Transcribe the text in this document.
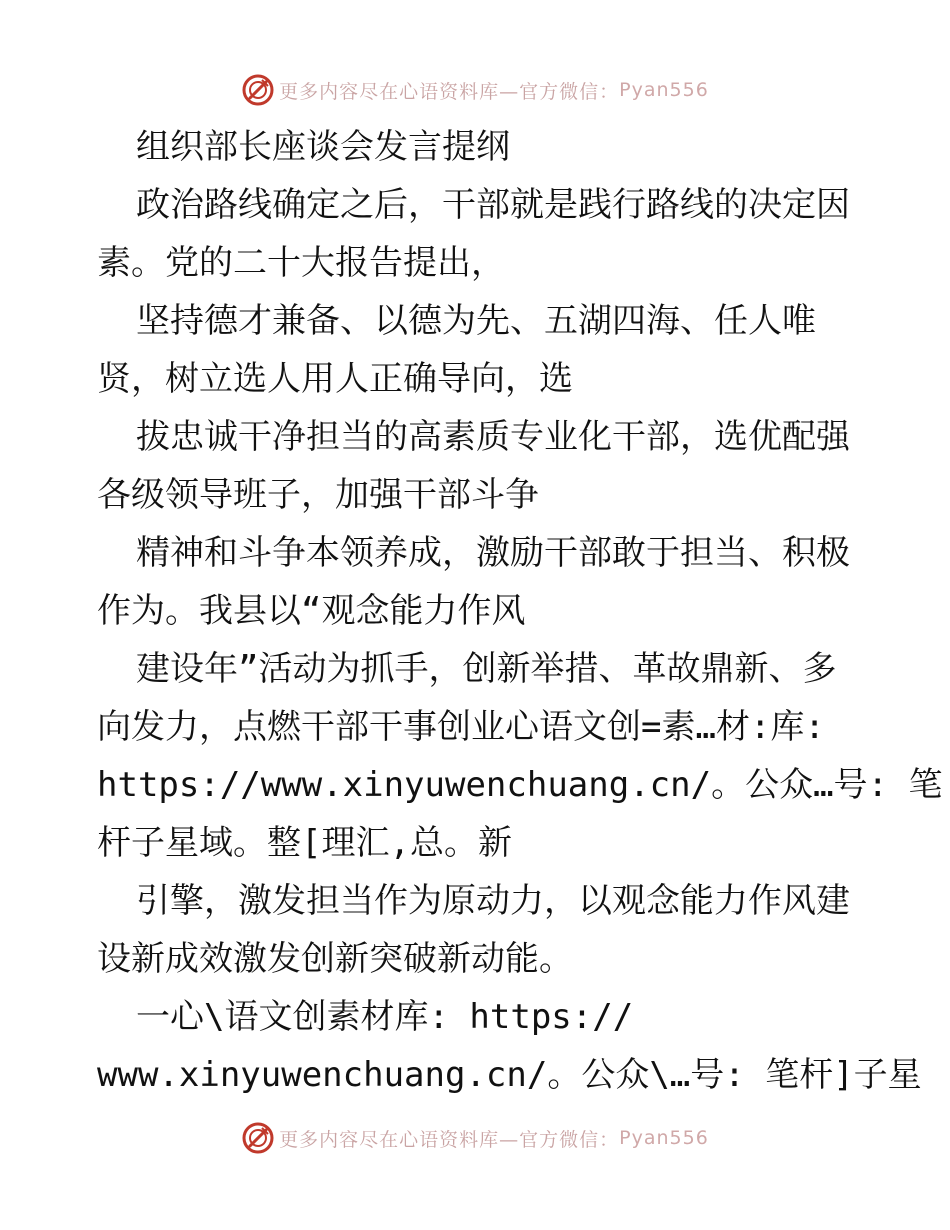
更多内容尽在心语资料库—官方微信： Pyan556
组织部长座谈会发言提纲
政治路线确定之后，干部就是践行路线的决定因
素。党的二十大报告提出，
坚持德才兼备、以德为先、五湖四海、任人唯
贤，树立选人用人正确导向，选
拔忠诚干净担当的高素质专业化干部，选优配强
各级领导班子，加强干部斗争
精神和斗争本领养成，激励干部敢于担当、积极
作为。我县以“观念能力作风
建设年”活动为抓手，创新举措、革故鼎新、多
向发力，点燃干部干事创业心语文创=素…材:库:
https://www.xinyuwenchuang.cn/。公众…号: 笔
杆子星域。整[理汇,总。新
引擎，激发担当作为原动力，以观念能力作风建
设新成效激发创新突破新动能。
一心\语文创素材库: https://
www.xinyuwenchuang.cn/。公众\…号: 笔杆]子星
更多内容尽在心语资料库—官方微信： Pyan556
